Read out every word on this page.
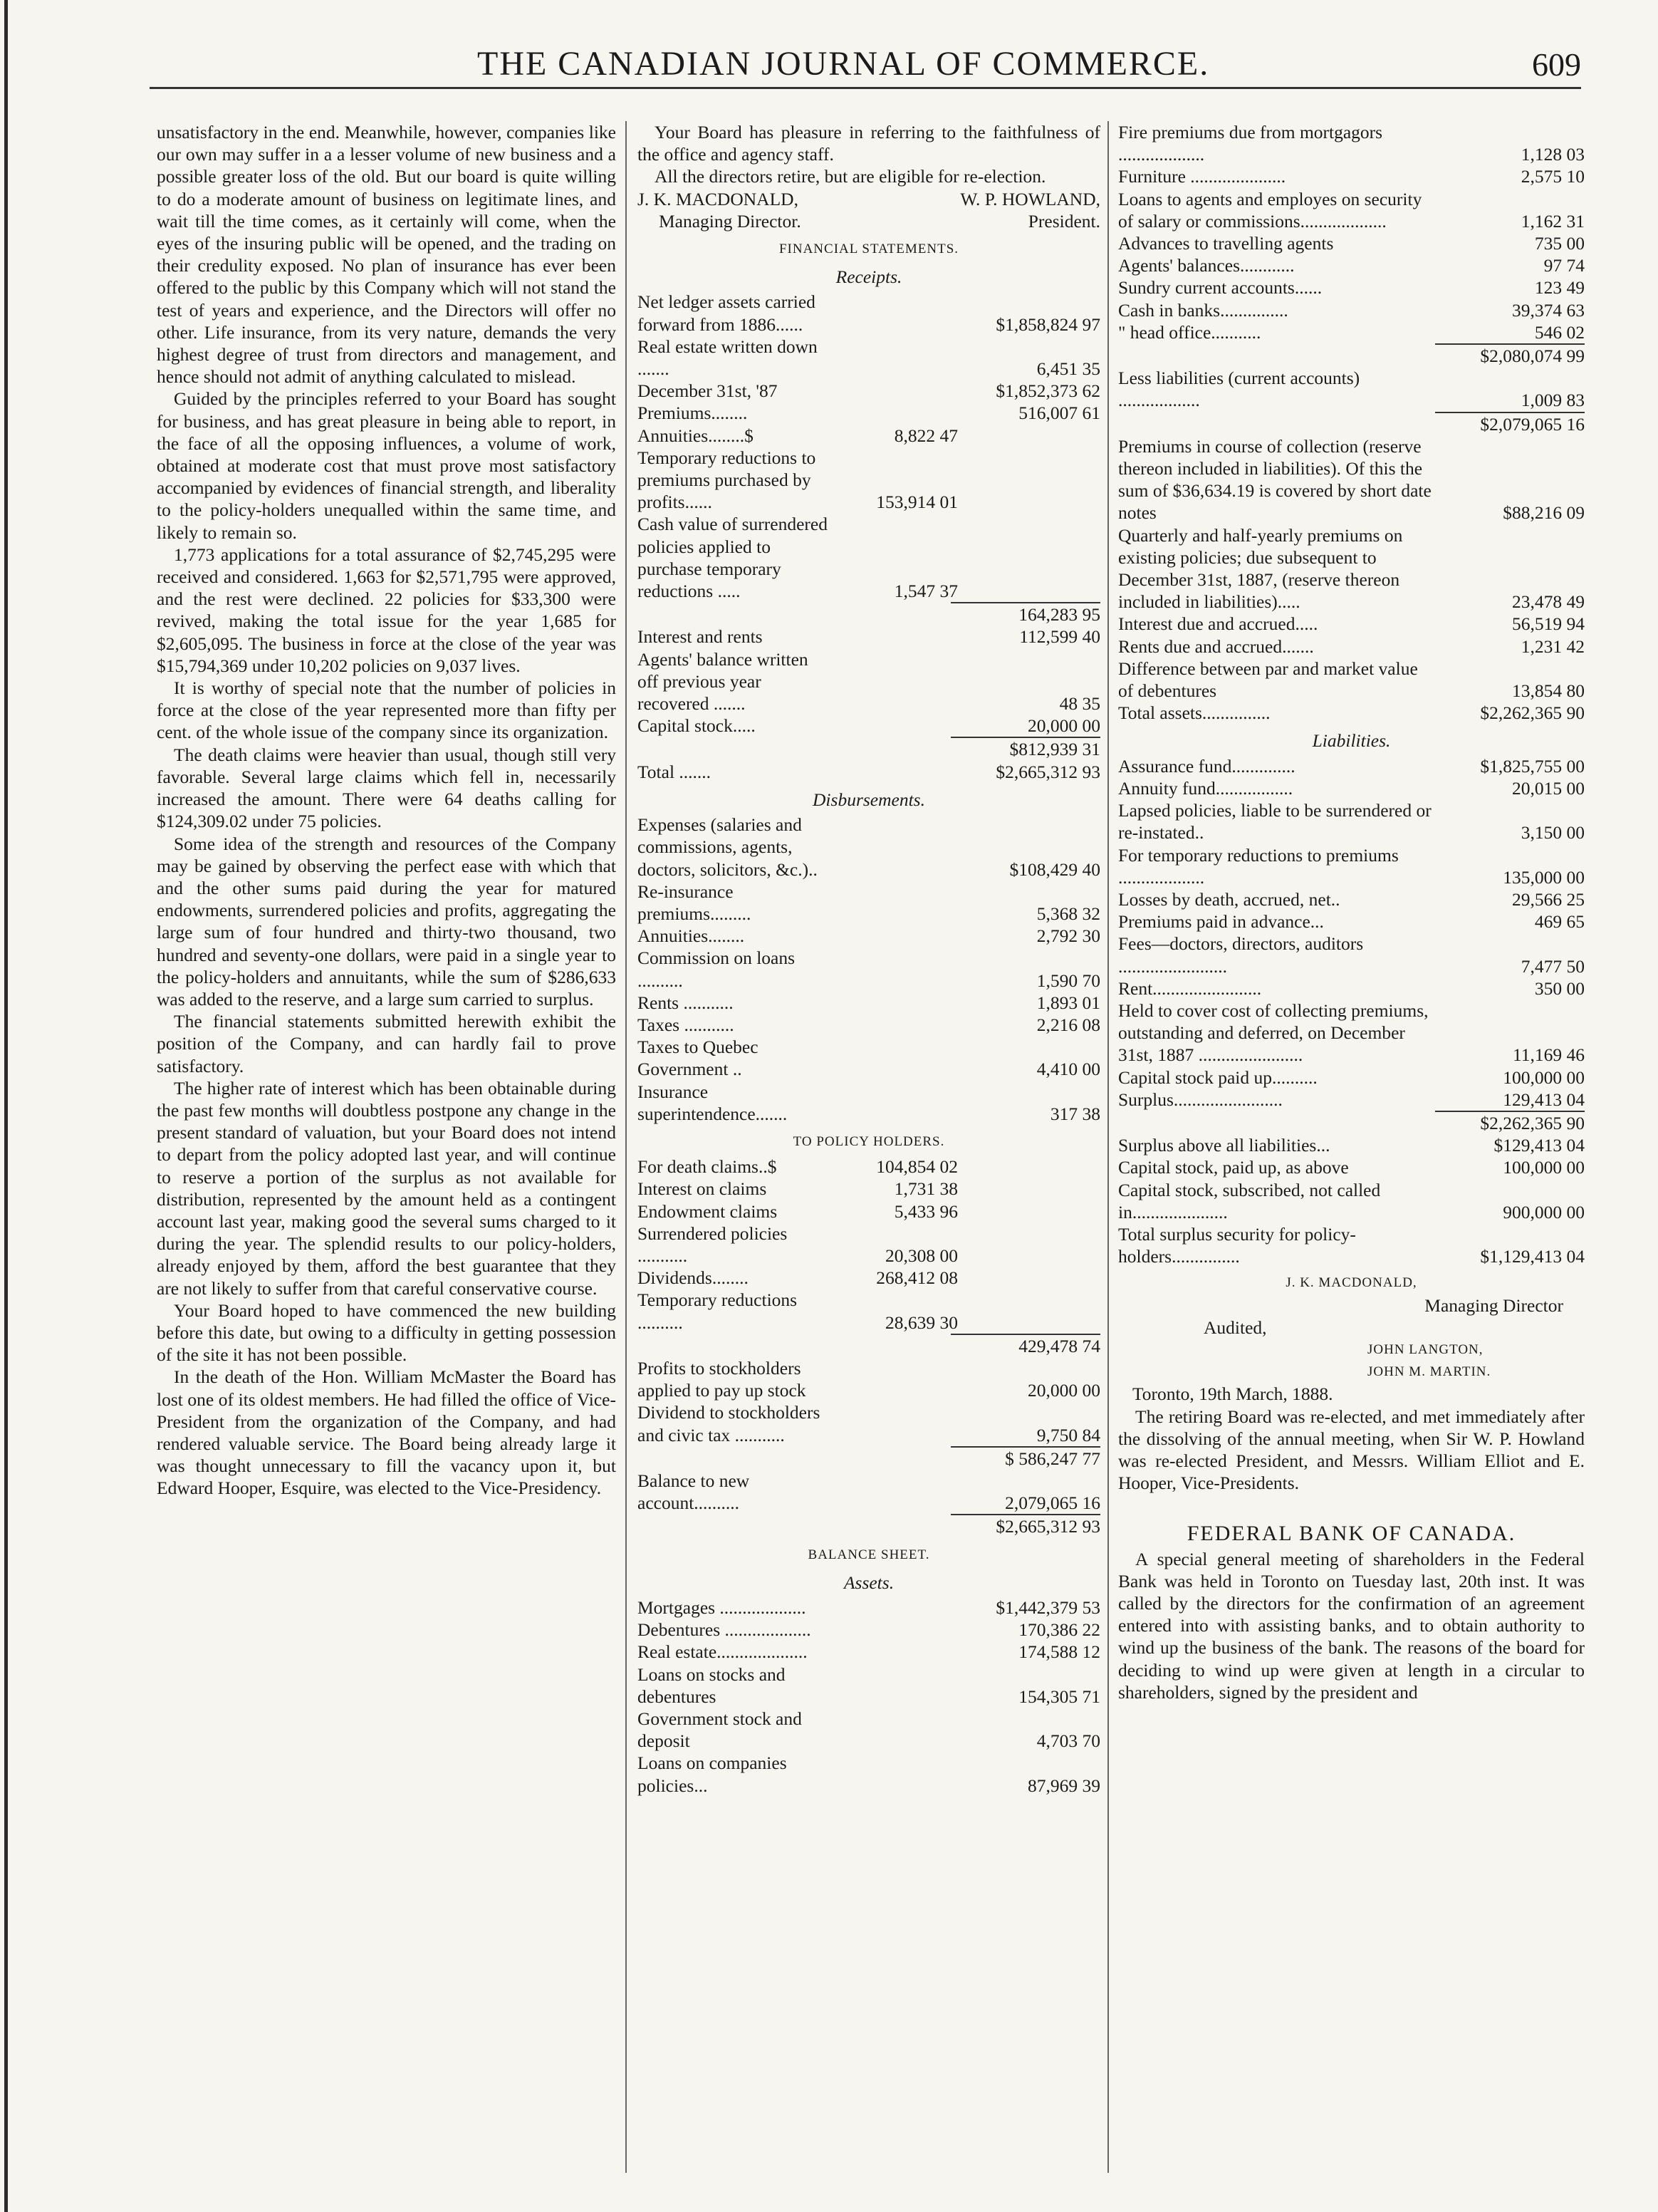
THE CANADIAN JOURNAL OF COMMERCE.	609

unsatisfactory in the end. Meanwhile, however, companies like our own may suffer in a a lesser volume of new business and a possible greater loss of the old. But our board is quite willing to do a moderate amount of business on legitimate lines, and wait till the time comes, as it certainly will come, when the eyes of the insuring public will be opened, and the trading on their credulity exposed. No plan of insurance has ever been offered to the public by this Company which will not stand the test of years and experience, and the Directors will offer no other. Life insurance, from its very nature, demands the very highest degree of trust from directors and management, and hence should not admit of anything calculated to mislead.

Guided by the principles referred to your Board has sought for business, and has great pleasure in being able to report, in the face of all the opposing influences, a volume of work, obtained at moderate cost that must prove most satisfactory accompanied by evidences of financial strength, and liberality to the policy-holders unequalled within the same time, and likely to remain so.

1,773 applications for a total assurance of $2,745,295 were received and considered. 1,663 for $2,571,795 were approved, and the rest were declined. 22 policies for $33,300 were revived, making the total issue for the year 1,685 for $2,605,095. The business in force at the close of the year was $15,794,369 under 10,202 policies on 9,037 lives.

It is worthy of special note that the number of policies in force at the close of the year represented more than fifty per cent. of the whole issue of the company since its organization.

The death claims were heavier than usual, though still very favorable. Several large claims which fell in, necessarily increased the amount. There were 64 deaths calling for $124,309.02 under 75 policies.

Some idea of the strength and resources of the Company may be gained by observing the perfect ease with which that and the other sums paid during the year for matured endowments, surrendered policies and profits, aggregating the large sum of four hundred and thirty-two thousand, two hundred and seventy-one dollars, were paid in a single year to the policy-holders and annuitants, while the sum of $286,633 was added to the reserve, and a large sum carried to surplus.

The financial statements submitted herewith exhibit the position of the Company, and can hardly fail to prove satisfactory.

The higher rate of interest which has been obtainable during the past few months will doubtless postpone any change in the present standard of valuation, but your Board does not intend to depart from the policy adopted last year, and will continue to reserve a portion of the surplus as not available for distribution, represented by the amount held as a contingent account last year, making good the several sums charged to it during the year. The splendid results to our policy-holders, already enjoyed by them, afford the best guarantee that they are not likely to suffer from that careful conservative course.

Your Board hoped to have commenced the new building before this date, but owing to a difficulty in getting possession of the site it has not been possible.

In the death of the Hon. William McMaster the Board has lost one of its oldest members. He had filled the office of Vice-President from the organization of the Company, and had rendered valuable service. The Board being already large it was thought unnecessary to fill the vacancy upon it, but Edward Hooper, Esquire, was elected to the Vice-Presidency.

Your Board has pleasure in referring to the faithfulness of the office and agency staff.

All the directors retire, but are eligible for re-election.

J. K. MACDONALD,	W. P. HOWLAND,
Managing Director.	President.
FINANCIAL STATEMENTS.
Receipts.
Net ledger assets carried forward from 1886......	$1,858,824 97
Real estate written down .......	6,451 35
December 31st, '87	$1,852,373 62
Premiums........	516,007 61
Annuities........$	8,822 47
Temporary reductions to premiums purchased by profits......	153,914 01
Cash value of surrendered policies applied to purchase temporary reductions .....	1,547 37
164,283 95
Interest and rents	112,599 40
Agents' balance written off previous year recovered .......	48 35
Capital stock.....	20,000 00
$812,939 31
Total .......	$2,665,312 93
Disbursements.
Expenses (salaries and commissions, agents, doctors, solicitors, &c.)..	$108,429 40
Re-insurance premiums.........	5,368 32
Annuities........	2,792 30
Commission on loans ..........	1,590 70
Rents ...........	1,893 01
Taxes ...........	2,216 08
Taxes to Quebec Government ..	4,410 00
Insurance superintendence.......	317 38
TO POLICY HOLDERS.
For death claims..$	104,854 02
Interest on claims	1,731 38
Endowment claims	5,433 96
Surrendered policies ...........	20,308 00
Dividends........	268,412 08
Temporary reductions ..........	28,639 30
429,478 74
Profits to stockholders applied to pay up stock	20,000 00
Dividend to stockholders and civic tax ...........	9,750 84
$ 586,247 77
Balance to new account..........	2,079,065 16
$2,665,312 93
BALANCE SHEET.
Assets.
Mortgages ...................	$1,442,379 53
Debentures ...................	170,386 22
Real estate....................	174,588 12
Loans on stocks and debentures	154,305 71
Government stock and deposit	4,703 70
Loans on companies policies...	87,969 39
Fire premiums due from mortgagors ...................	1,128 03
Furniture .....................	2,575 10
Loans to agents and employes on security of salary or commissions...................	1,162 31
Advances to travelling agents	735 00
Agents' balances............	97 74
Sundry current accounts......	123 49
Cash in banks...............	39,374 63
" head office...........	546 02
$2,080,074 99
Less liabilities (current accounts) ..................	1,009 83
$2,079,065 16
Premiums in course of collection (reserve thereon included in liabilities). Of this the sum of $36,634.19 is covered by short date notes	$88,216 09
Quarterly and half-yearly premiums on existing policies; due subsequent to December 31st, 1887, (reserve thereon included in liabilities).....	23,478 49
Interest due and accrued.....	56,519 94
Rents due and accrued.......	1,231 42
Difference between par and market value of debentures	13,854 80
Total assets...............	$2,262,365 90
Liabilities.
Assurance fund..............	$1,825,755 00
Annuity fund.................	20,015 00
Lapsed policies, liable to be surrendered or re-instated..	3,150 00
For temporary reductions to premiums ...................	135,000 00
Losses by death, accrued, net..	29,566 25
Premiums paid in advance...	469 65
Fees—doctors, directors, auditors ........................	7,477 50
Rent........................	350 00
Held to cover cost of collecting premiums, outstanding and deferred, on December 31st, 1887 .......................	11,169 46
Capital stock paid up..........	100,000 00
Surplus........................	129,413 04
$2,262,365 90
Surplus above all liabilities...	$129,413 04
Capital stock, paid up, as above	100,000 00
Capital stock, subscribed, not called in.....................	900,000 00
Total surplus security for policy-holders...............	$1,129,413 04
J. K. MACDONALD,
Managing Director
Audited,
JOHN LANGTON,
JOHN M. MARTIN.
Toronto, 19th March, 1888.

The retiring Board was re-elected, and met immediately after the dissolving of the annual meeting, when Sir W. P. Howland was re-elected President, and Messrs. William Elliot and E. Hooper, Vice-Presidents.

FEDERAL BANK OF CANADA.

A special general meeting of shareholders in the Federal Bank was held in Toronto on Tuesday last, 20th inst. It was called by the directors for the confirmation of an agreement entered into with assisting banks, and to obtain authority to wind up the business of the bank. The reasons of the board for deciding to wind up were given at length in a circular to shareholders, signed by the president and
